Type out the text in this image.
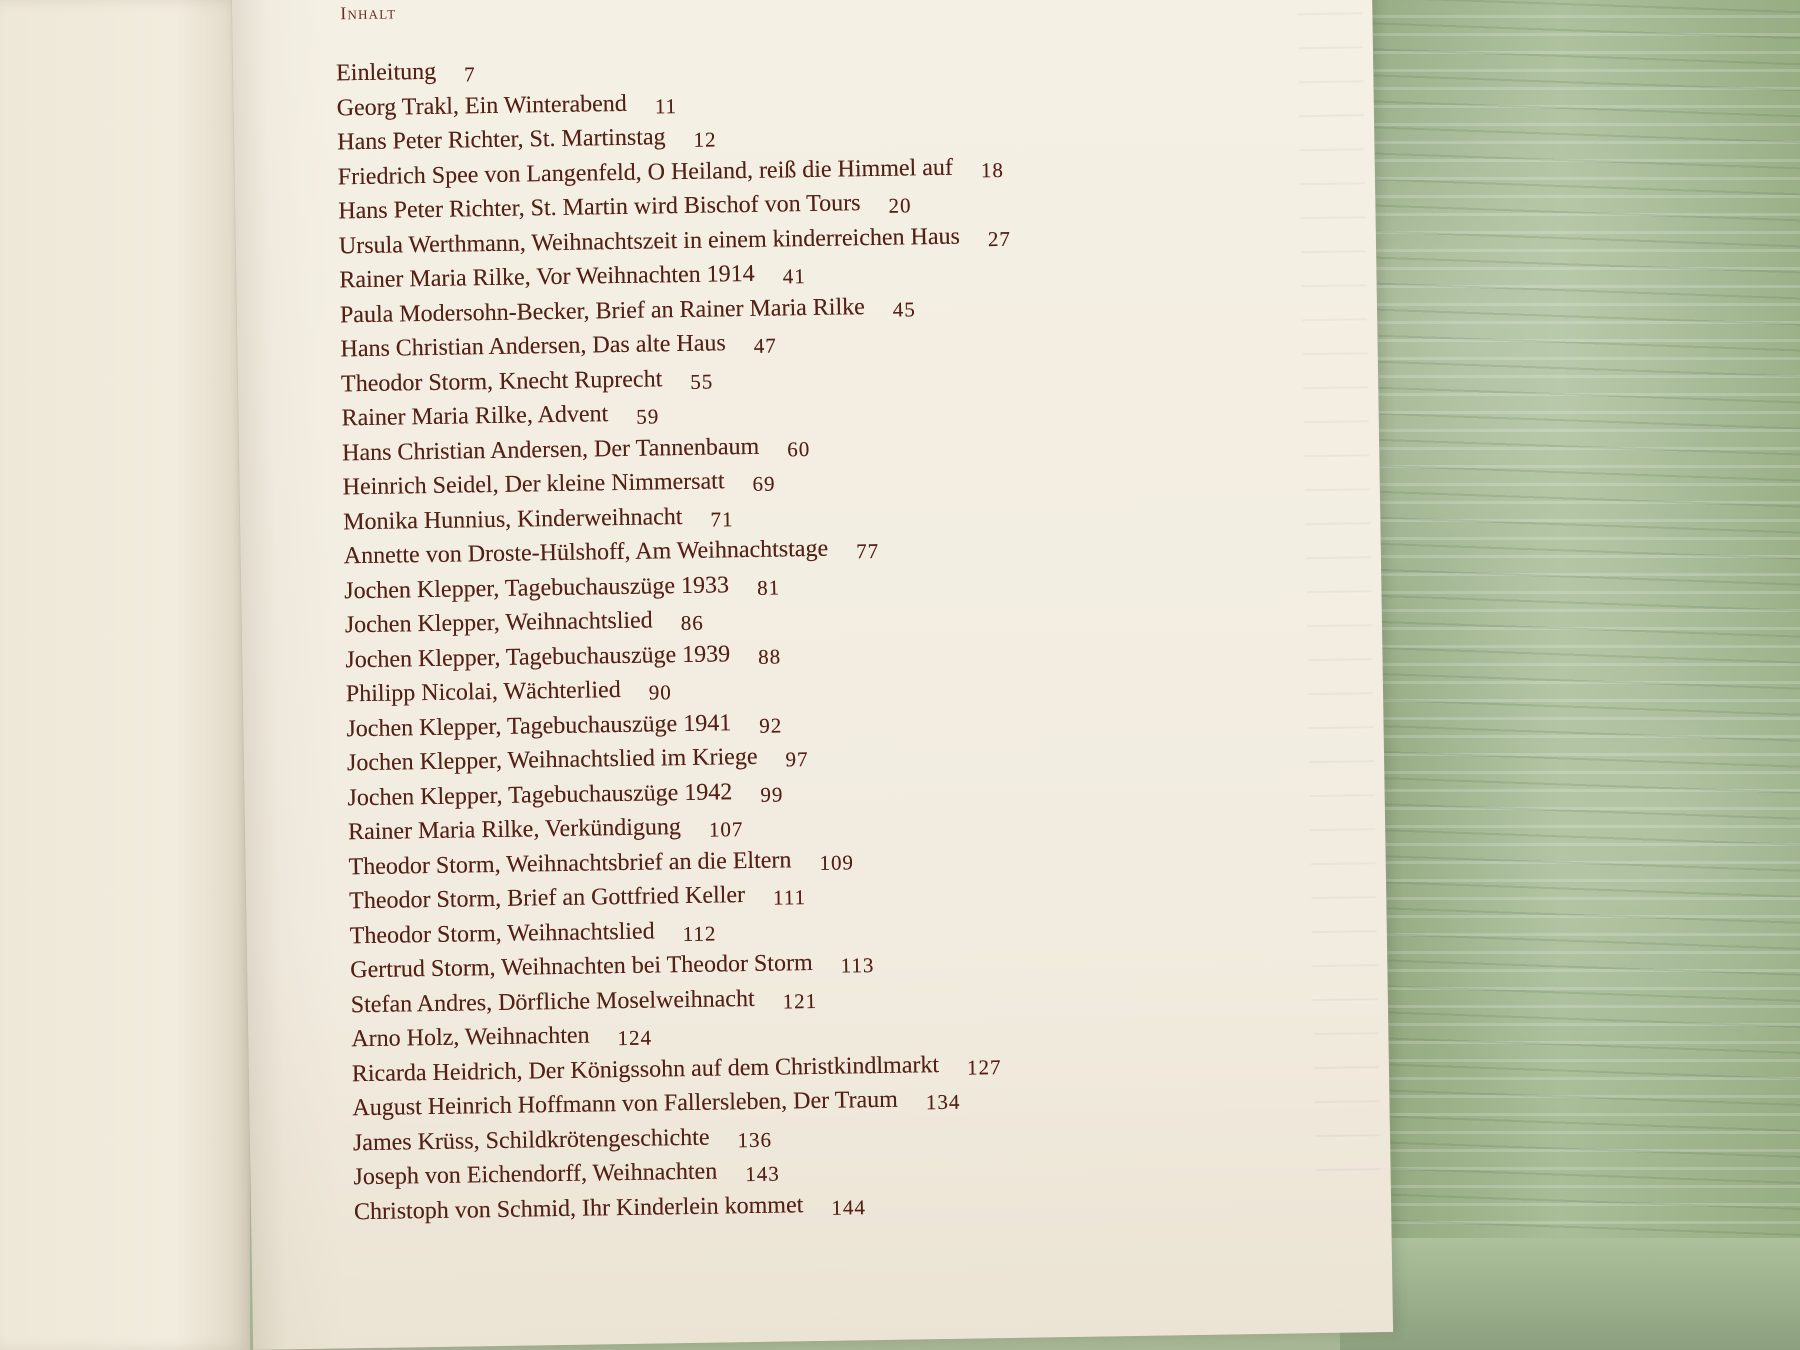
Inhalt
Einleitung 7
Georg Trakl, Ein Winterabend 11
Hans Peter Richter, St. Martinstag 12
Friedrich Spee von Langenfeld, O Heiland, reiß die Himmel auf 18
Hans Peter Richter, St. Martin wird Bischof von Tours 20
Ursula Werthmann, Weihnachtszeit in einem kinderreichen Haus 27
Rainer Maria Rilke, Vor Weihnachten 1914 41
Paula Modersohn-Becker, Brief an Rainer Maria Rilke 45
Hans Christian Andersen, Das alte Haus 47
Theodor Storm, Knecht Ruprecht 55
Rainer Maria Rilke, Advent 59
Hans Christian Andersen, Der Tannenbaum 60
Heinrich Seidel, Der kleine Nimmersatt 69
Monika Hunnius, Kinderweihnacht 71
Annette von Droste-Hülshoff, Am Weihnachtstage 77
Jochen Klepper, Tagebuchauszüge 1933 81
Jochen Klepper, Weihnachtslied 86
Jochen Klepper, Tagebuchauszüge 1939 88
Philipp Nicolai, Wächterlied 90
Jochen Klepper, Tagebuchauszüge 1941 92
Jochen Klepper, Weihnachtslied im Kriege 97
Jochen Klepper, Tagebuchauszüge 1942 99
Rainer Maria Rilke, Verkündigung 107
Theodor Storm, Weihnachtsbrief an die Eltern 109
Theodor Storm, Brief an Gottfried Keller 111
Theodor Storm, Weihnachtslied 112
Gertrud Storm, Weihnachten bei Theodor Storm 113
Stefan Andres, Dörfliche Moselweihnacht 121
Arno Holz, Weihnachten 124
Ricarda Heidrich, Der Königssohn auf dem Christkindlmarkt 127
August Heinrich Hoffmann von Fallersleben, Der Traum 134
James Krüss, Schildkrötengeschichte 136
Joseph von Eichendorff, Weihnachten 143
Christoph von Schmid, Ihr Kinderlein kommet 144
